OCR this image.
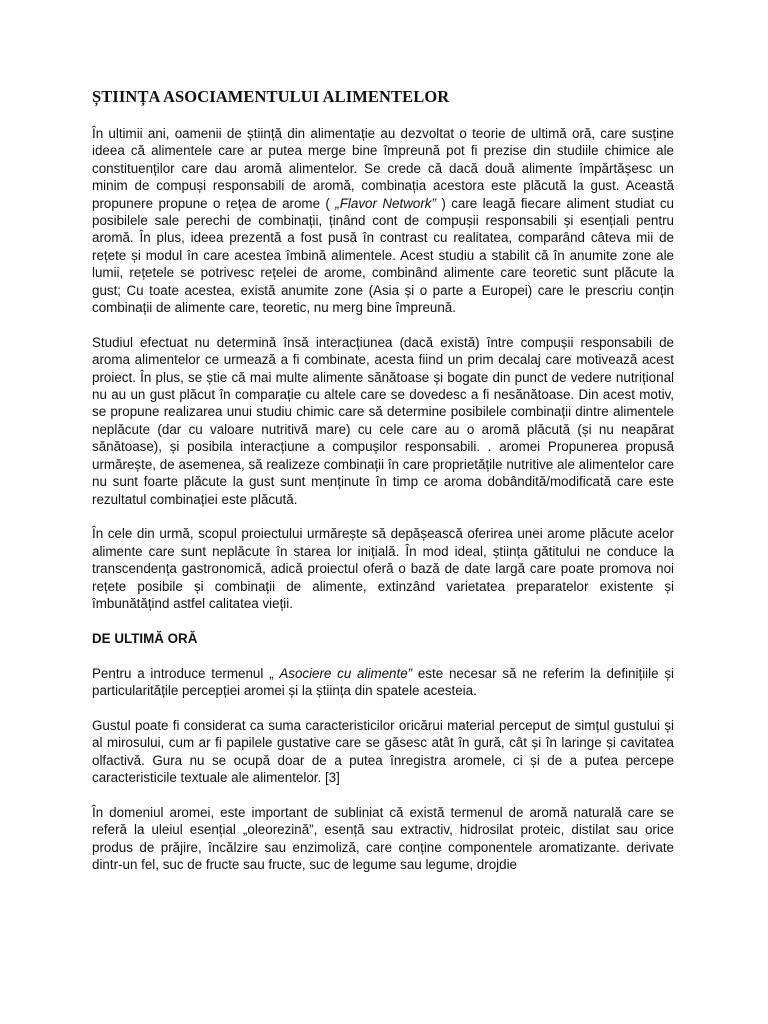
ȘTIINȚA ASOCIAMENTULUI ALIMENTELOR

În ultimii ani, oamenii de știință din alimentație au dezvoltat o teorie de ultimă oră, care susține ideea că alimentele care ar putea merge bine împreună pot fi prezise din studiile chimice ale constituenților care dau aromă alimentelor. Se crede că dacă două alimente împărtășesc un minim de compuși responsabili de aromă, combinația acestora este plăcută la gust. Această propunere propune o rețea de arome ( „Flavor Network” ) care leagă fiecare aliment studiat cu posibilele sale perechi de combinații, ținând cont de compușii responsabili și esențiali pentru aromă. În plus, ideea prezentă a fost pusă în contrast cu realitatea, comparând câteva mii de rețete și modul în care acestea îmbină alimentele. Acest studiu a stabilit că în anumite zone ale lumii, rețetele se potrivesc rețelei de arome, combinând alimente care teoretic sunt plăcute la gust; Cu toate acestea, există anumite zone (Asia și o parte a Europei) care le prescriu conțin combinații de alimente care, teoretic, nu merg bine împreună.

Studiul efectuat nu determină însă interacțiunea (dacă există) între compușii responsabili de aroma alimentelor ce urmează a fi combinate, acesta fiind un prim decalaj care motivează acest proiect. În plus, se știe că mai multe alimente sănătoase și bogate din punct de vedere nutrițional nu au un gust plăcut în comparație cu altele care se dovedesc a fi nesănătoase. Din acest motiv, se propune realizarea unui studiu chimic care să determine posibilele combinații dintre alimentele neplăcute (dar cu valoare nutritivă mare) cu cele care au o aromă plăcută (și nu neapărat sănătoase), și posibila interacțiune a compușilor responsabili. . aromei Propunerea propusă urmărește, de asemenea, să realizeze combinații în care proprietățile nutritive ale alimentelor care nu sunt foarte plăcute la gust sunt menținute în timp ce aroma dobândită/modificată care este rezultatul combinației este plăcută.

În cele din urmă, scopul proiectului urmărește să depășească oferirea unei arome plăcute acelor alimente care sunt neplăcute în starea lor inițială. În mod ideal, știința gătitului ne conduce la transcendența gastronomică, adică proiectul oferă o bază de date largă care poate promova noi rețete posibile și combinații de alimente, extinzând varietatea preparatelor existente și îmbunătățind astfel calitatea vieții.

DE ULTIMĂ ORĂ

Pentru a introduce termenul „ Asociere cu alimente” este necesar să ne referim la definițiile și particularitățile percepției aromei și la știința din spatele acesteia.

Gustul poate fi considerat ca suma caracteristicilor oricărui material perceput de simțul gustului și al mirosului, cum ar fi papilele gustative care se găsesc atât în gură, cât și în laringe și cavitatea olfactivă. Gura nu se ocupă doar de a putea înregistra aromele, ci și de a putea percepe caracteristicile textuale ale alimentelor. [3]

În domeniul aromei, este important de subliniat că există termenul de aromă naturală care se referă la uleiul esențial „oleorezină”, esență sau extractiv, hidrosilat proteic, distilat sau orice produs de prăjire, încălzire sau enzimoliză, care conține componentele aromatizante. derivate dintr-un fel, suc de fructe sau fructe, suc de legume sau legume, drojdie
